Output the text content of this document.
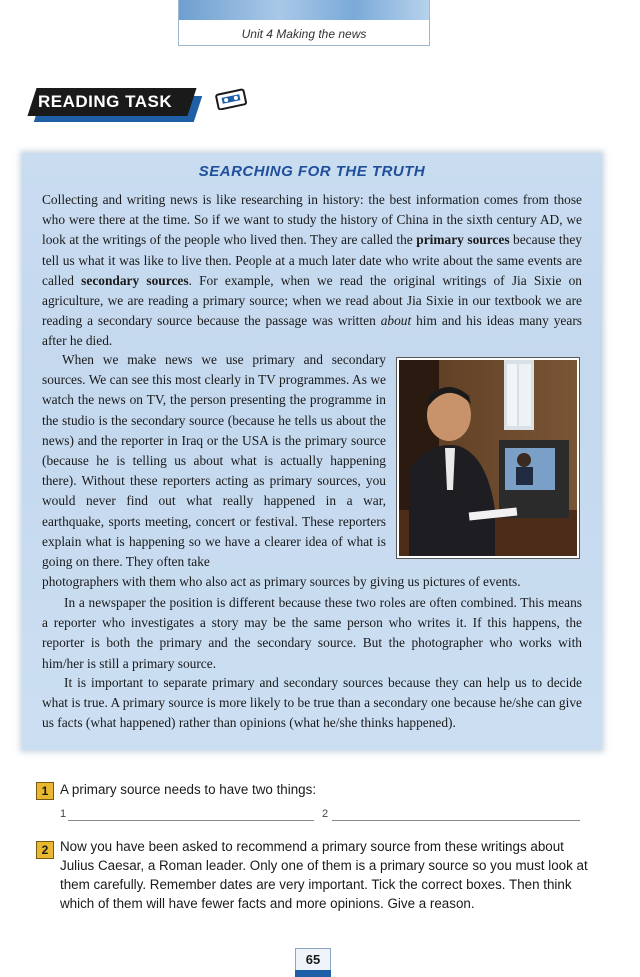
Unit 4 Making the news
READING TASK
SEARCHING FOR THE TRUTH

Collecting and writing news is like researching in history: the best information comes from those who were there at the time. So if we want to study the history of China in the sixth century AD, we look at the writings of the people who lived then. They are called the primary sources because they tell us what it was like to live then. People at a much later date who write about the same events are called secondary sources. For example, when we read the original writings of Jia Sixie on agriculture, we are reading a primary source; when we read about Jia Sixie in our textbook we are reading a secondary source because the passage was written about him and his ideas many years after he died.

When we make news we use primary and secondary sources. We can see this most clearly in TV programmes. As we watch the news on TV, the person presenting the programme in the studio is the secondary source (because he tells us about the news) and the reporter in Iraq or the USA is the primary source (because he is telling us about what is actually happening there). Without these reporters acting as primary sources, you would never find out what really happened in a war, earthquake, sports meeting, concert or festival. These reporters explain what is happening so we have a clearer idea of what is going on there. They often take

photographers with them who also act as primary sources by giving us pictures of events.

In a newspaper the position is different because these two roles are often combined. This means a reporter who investigates a story may be the same person who writes it. If this happens, the reporter is both the primary and the secondary source. But the photographer who works with him/her is still a primary source.

It is important to separate primary and secondary sources because they can help us to decide what is true. A primary source is more likely to be true than a secondary one because he/she can give us facts (what happened) rather than opinions (what he/she thinks happened).

1 A primary source needs to have two things:
1	2
2 Now you have been asked to recommend a primary source from these writings about Julius Caesar, a Roman leader. Only one of them is a primary source so you must look at them carefully. Remember dates are very important. Tick the correct boxes. Then think which of them will have fewer facts and more opinions. Give a reason.
65
